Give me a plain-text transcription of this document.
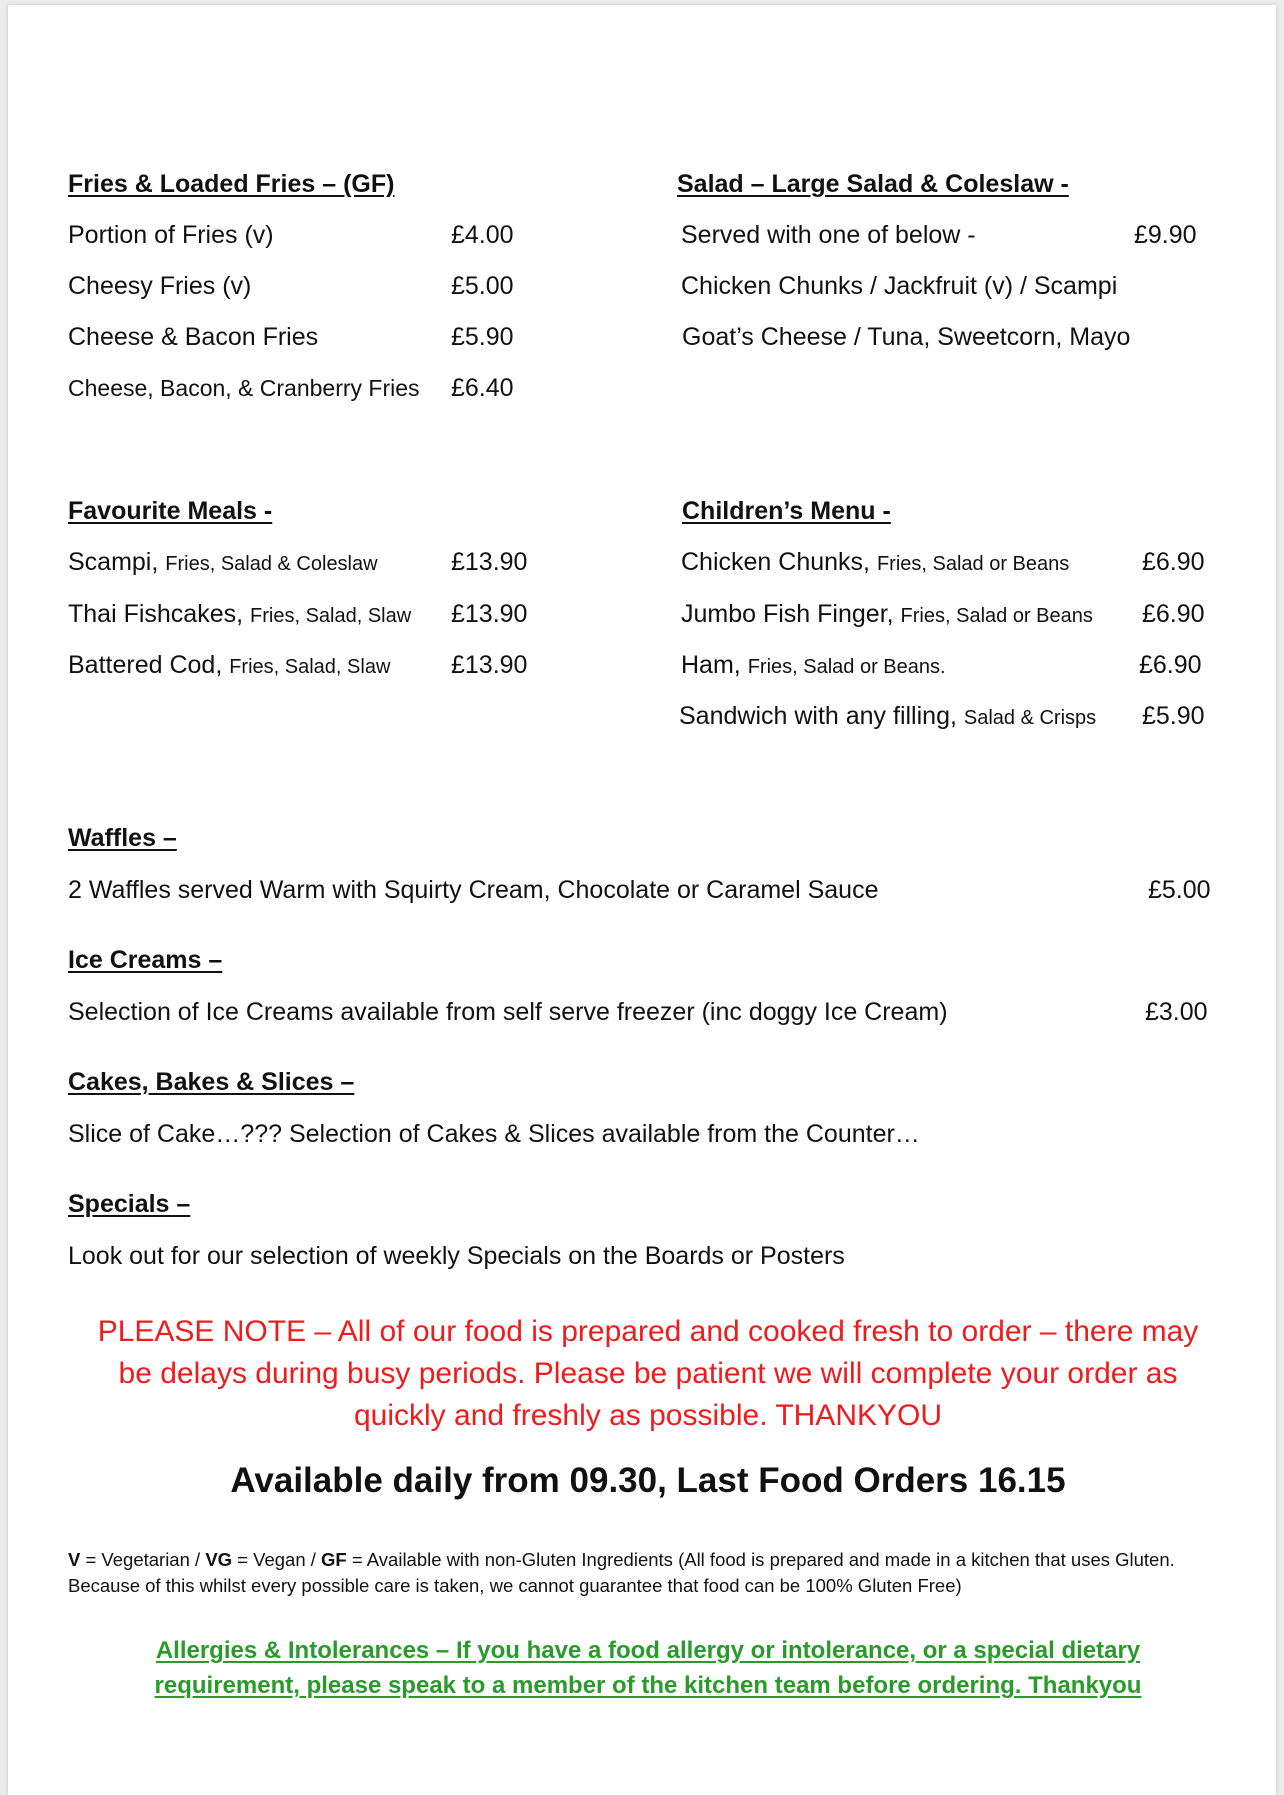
Fries & Loaded Fries – (GF)
Portion of Fries (v)	£4.00
Cheesy Fries (v)	£5.00
Cheese & Bacon Fries	£5.90
Cheese, Bacon, & Cranberry Fries £6.40
Salad – Large Salad & Coleslaw -
Served with one of below -	£9.90
Chicken Chunks / Jackfruit (v) / Scampi
Goat’s Cheese / Tuna, Sweetcorn, Mayo
Favourite Meals -
Scampi, Fries, Salad & Coleslaw	£13.90
Thai Fishcakes, Fries, Salad, Slaw £13.90
Battered Cod, Fries, Salad, Slaw £13.90
Children’s Menu -
Chicken Chunks, Fries, Salad or Beans	£6.90
Jumbo Fish Finger, Fries, Salad or Beans £6.90
Ham, Fries, Salad or Beans.	£6.90
Sandwich with any filling, Salad & Crisps £5.90
Waffles –
2 Waffles served Warm with Squirty Cream, Chocolate or Caramel Sauce	£5.00
Ice Creams –
Selection of Ice Creams available from self serve freezer (inc doggy Ice Cream)	£3.00
Cakes, Bakes & Slices –
Slice of Cake…??? Selection of Cakes & Slices available from the Counter…
Specials –
Look out for our selection of weekly Specials on the Boards or Posters
PLEASE NOTE – All of our food is prepared and cooked fresh to order – there may be delays during busy periods. Please be patient we will complete your order as quickly and freshly as possible. THANKYOU
Available daily from 09.30, Last Food Orders 16.15
V = Vegetarian / VG = Vegan / GF = Available with non-Gluten Ingredients (All food is prepared and made in a kitchen that uses Gluten. Because of this whilst every possible care is taken, we cannot guarantee that food can be 100% Gluten Free)
Allergies & Intolerances – If you have a food allergy or intolerance, or a special dietary requirement, please speak to a member of the kitchen team before ordering. Thankyou
